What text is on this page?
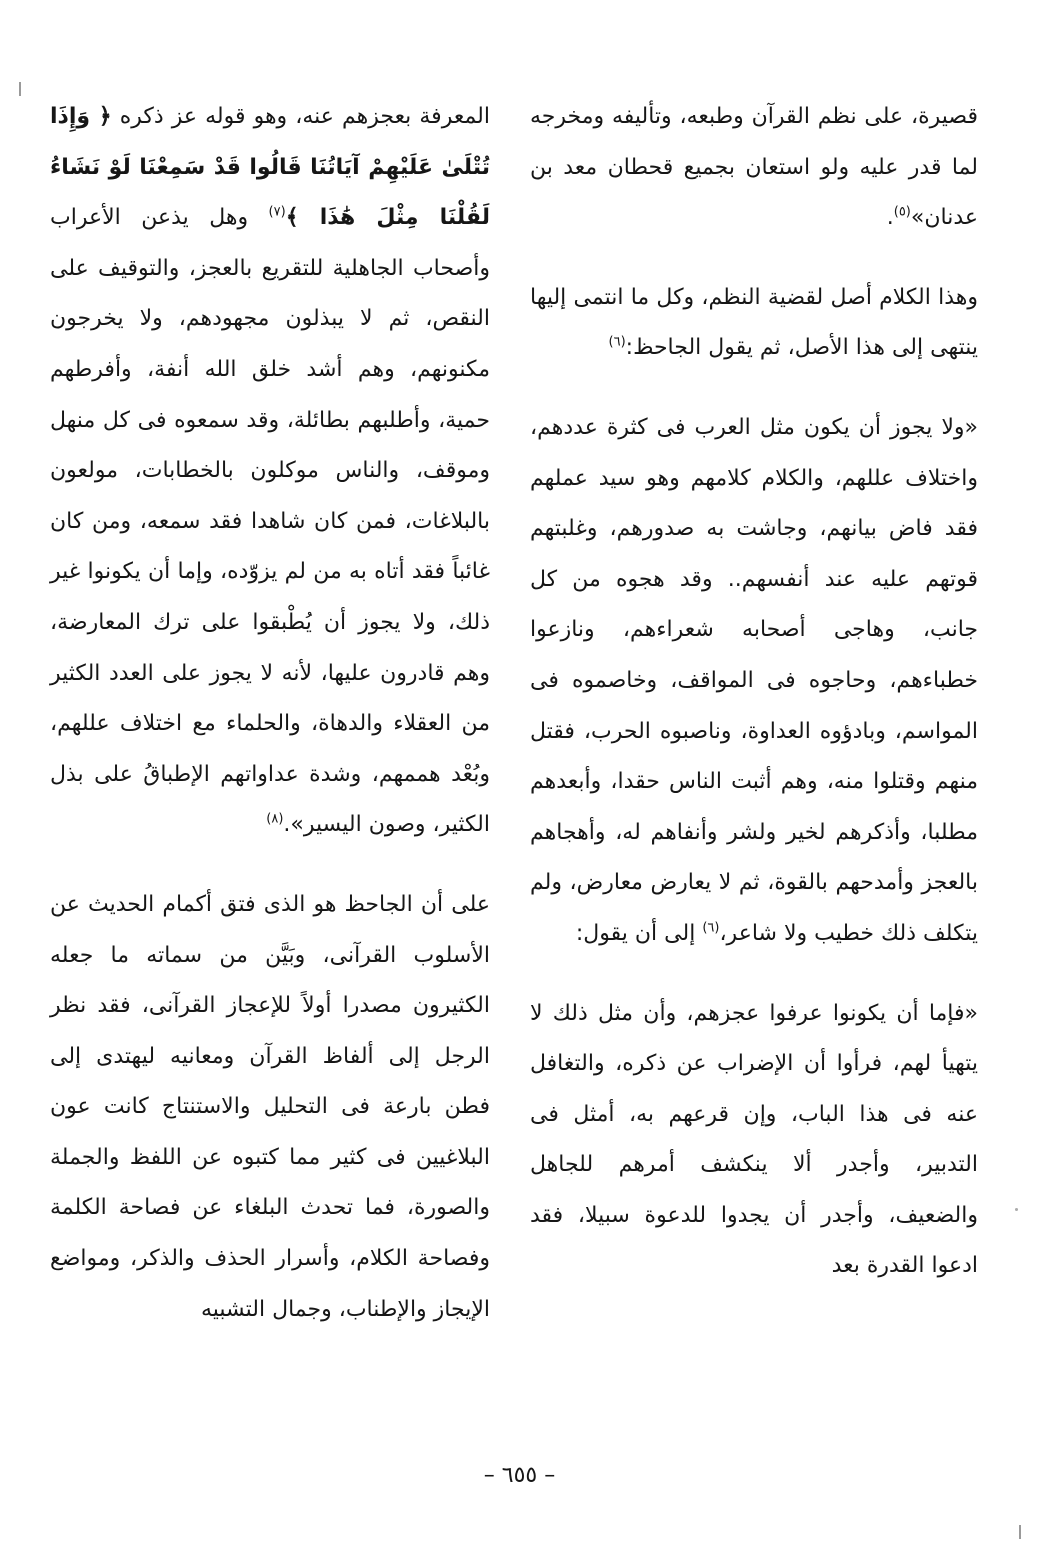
قصيرة، على نظم القرآن وطبعه، وتأليفه ومخرجه لما قدر عليه ولو استعان بجميع قحطان معد بن عدنان»$^{(٥)}$.

وهذا الكلام أصل لقضية النظم، وكل ما انتمى إليها ينتهى إلى هذا الأصل، ثم يقول الجاحظ:$^{(٦)}$

«ولا يجوز أن يكون مثل العرب فى كثرة عددهم، واختلاف عللهم، والكلام كلامهم وهو سيد عملهم فقد فاض بيانهم، وجاشت به صدورهم، وغلبتهم قوتهم عليه عند أنفسهم.. وقد هجوه من كل جانب، وهاجى أصحابه شعراءهم، ونازعوا خطباءهم، وحاجوه فى المواقف، وخاصموه فى المواسم، وبادؤوه العداوة، وناصبوه الحرب، فقتل منهم وقتلوا منه، وهم أثبت الناس حقدا، وأبعدهم مطلبا، وأذكرهم لخير ولشر وأنفاهم له، وأهجاهم بالعجز وأمدحهم بالقوة، ثم لا يعارض معارض، ولم يتكلف ذلك خطيب ولا شاعر،$^{(٦)}$ إلى أن يقول:

«فإما أن يكونوا عرفوا عجزهم، وأن مثل ذلك لا يتهيأ لهم، فرأوا أن الإضراب عن ذكره، والتغافل عنه فى هذا الباب، وإن قرعهم به، أمثل فى التدبير، وأجدر ألا ينكشف أمرهم للجاهل والضعيف، وأجدر أن يجدوا للدعوة سبيلا، فقد ادعوا القدرة بعد

المعرفة بعجزهم عنه، وهو قوله عز ذكره ﴿ وَإِذَا تُتْلَىٰ عَلَيْهِمْ آيَاتُنَا قَالُوا قَدْ سَمِعْنَا لَوْ نَشَاءُ لَقُلْنَا مِثْلَ هَٰذَا ﴾$^{(٧)}$ وهل يذعن الأعراب وأصحاب الجاهلية للتقريع بالعجز، والتوقيف على النقص، ثم لا يبذلون مجهودهم، ولا يخرجون مكنونهم، وهم أشد خلق الله أنفة، وأفرطهم حمية، وأطلبهم بطائلة، وقد سمعوه فى كل منهل وموقف، والناس موكلون بالخطابات، مولعون بالبلاغات، فمن كان شاهدا فقد سمعه، ومن كان غائباً فقد أتاه به من لم يزوّده، وإما أن يكونوا غير ذلك، ولا يجوز أن يُطْبقوا على ترك المعارضة، وهم قادرون عليها، لأنه لا يجوز على العدد الكثير من العقلاء والدهاة، والحلماء مع اختلاف عللهم، وبُعْد هممهم، وشدة عداواتهم الإطباقُ على بذل الكثير، وصون اليسير».$^{(٨)}$

على أن الجاحظ هو الذى فتق أكمام الحديث عن الأسلوب القرآنى، وبَيَّن من سماته ما جعله الكثيرون مصدرا أولاً للإعجاز القرآنى، فقد نظر الرجل إلى ألفاظ القرآن ومعانيه ليهتدى إلى فطن بارعة فى التحليل والاستنتاج كانت عون البلاغيين فى كثير مما كتبوه عن اللفظ والجملة والصورة، فما تحدث البلغاء عن فصاحة الكلمة وفصاحة الكلام، وأسرار الحذف والذكر، ومواضع الإيجاز والإطناب، وجمال التشبيه

– ٦٥٥ –
